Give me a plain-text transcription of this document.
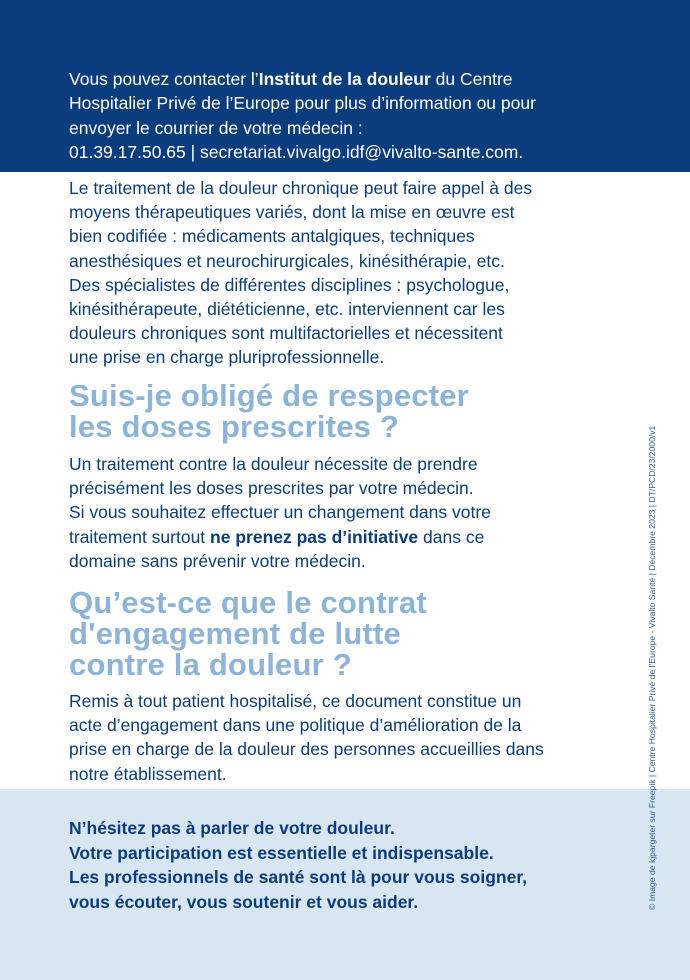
Vous pouvez contacter l’Institut de la douleur du Centre
Hospitalier Privé de l’Europe pour plus d’information ou pour
envoyer le courrier de votre médecin :
01.39.17.50.65 | secretariat.vivalgo.idf@vivalto-sante.com.
Le traitement de la douleur chronique peut faire appel à des
moyens thérapeutiques variés, dont la mise en œuvre est
bien codifiée : médicaments antalgiques, techniques
anesthésiques et neurochirurgicales, kinésithérapie, etc.
Des spécialistes de différentes disciplines : psychologue,
kinésithérapeute, diététicienne, etc. interviennent car les
douleurs chroniques sont multifactorielles et nécessitent
une prise en charge pluriprofessionnelle.
Suis-je obligé de respecter
les doses prescrites ?
Un traitement contre la douleur nécessite de prendre
précisément les doses prescrites par votre médecin.
Si vous souhaitez effectuer un changement dans votre
traitement surtout ne prenez pas d’initiative dans ce
domaine sans prévenir votre médecin.
Qu’est-ce que le contrat
d'engagement de lutte
contre la douleur ?
Remis à tout patient hospitalisé, ce document constitue un
acte d’engagement dans une politique d’amélioration de la
prise en charge de la douleur des personnes accueillies dans
notre établissement.
N’hésitez pas à parler de votre douleur.
Votre participation est essentielle et indispensable.
Les professionnels de santé sont là pour vous soigner,
vous écouter, vous soutenir et vous aider.	© Image de kjpargeter sur Freepik | Centre Hospitalier Privé de l’Europe - Vivalto Santé | Décembre 2023 | DT/PCD/23/2000/v1
